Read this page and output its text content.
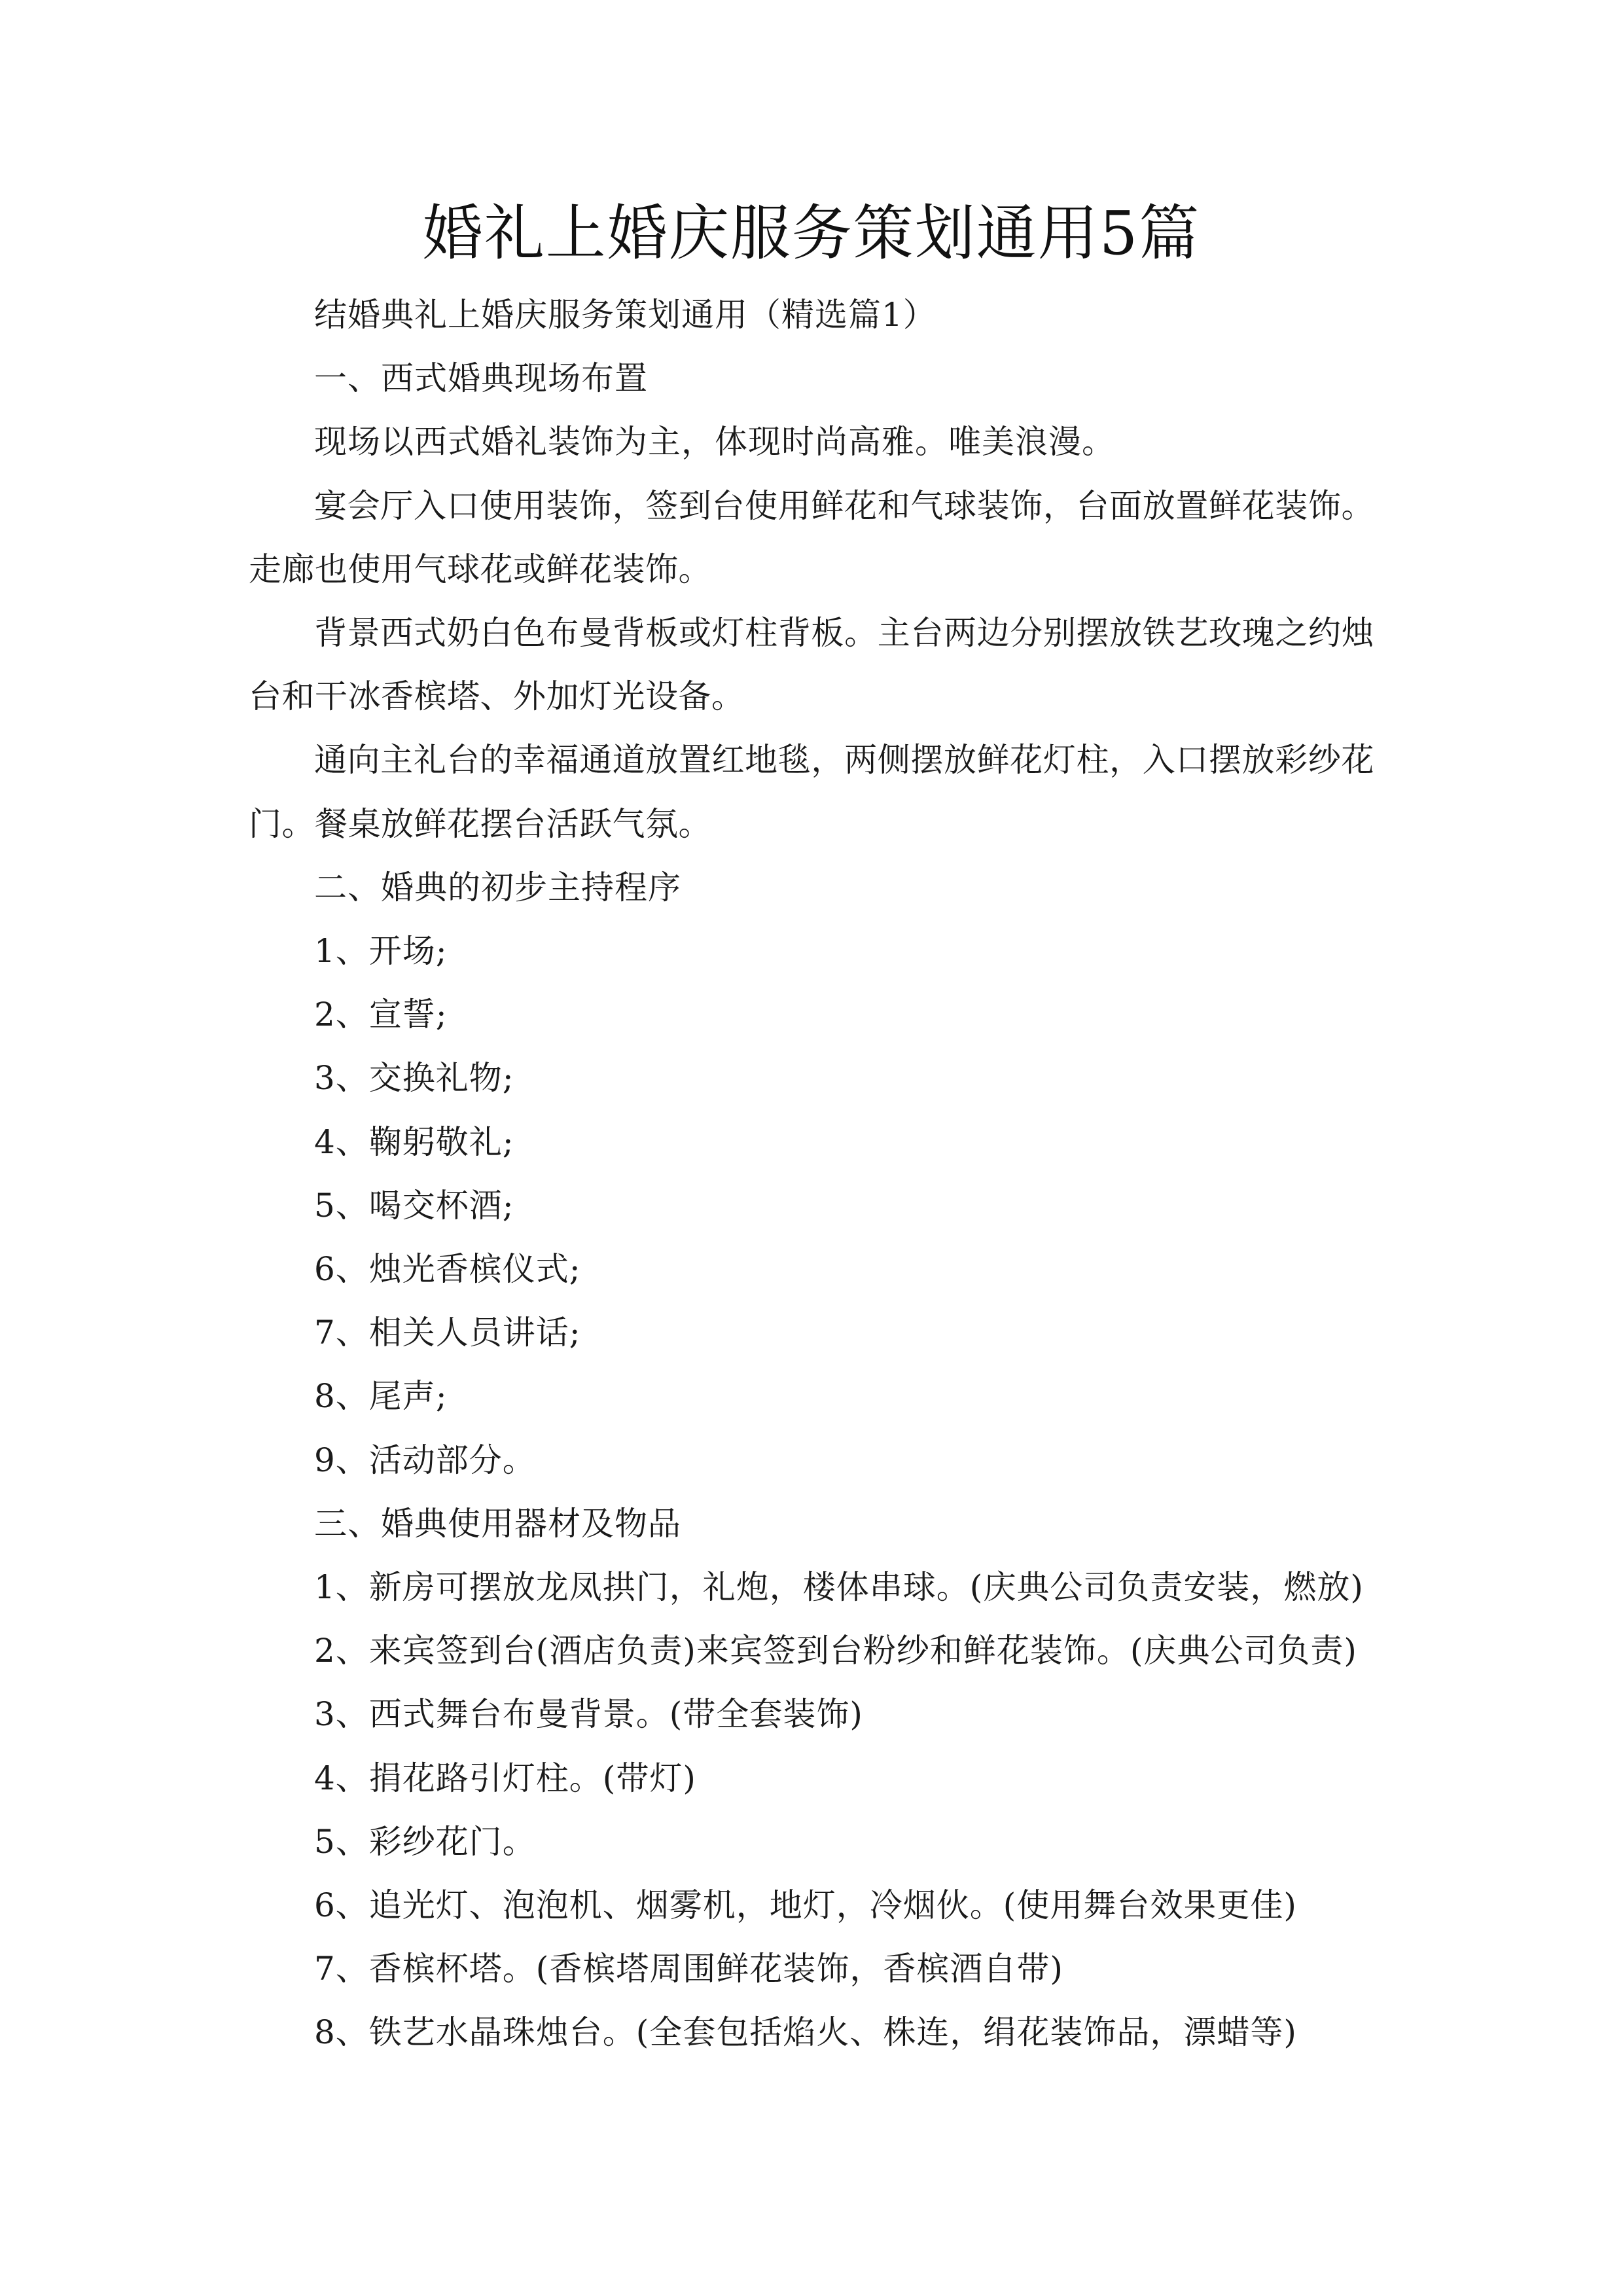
婚礼上婚庆服务策划通用5篇

结婚典礼上婚庆服务策划通用（精选篇1）

一、西式婚典现场布置

现场以西式婚礼装饰为主，体现时尚高雅。唯美浪漫。

宴会厅入口使用装饰，签到台使用鲜花和气球装饰，台面放置鲜花装饰。走廊也使用气球花或鲜花装饰。

背景西式奶白色布曼背板或灯柱背板。主台两边分别摆放铁艺玫瑰之约烛台和干冰香槟塔、外加灯光设备。

通向主礼台的幸福通道放置红地毯，两侧摆放鲜花灯柱，入口摆放彩纱花门。餐桌放鲜花摆台活跃气氛。

二、婚典的初步主持程序

1、开场;

2、宣誓;

3、交换礼物;

4、鞠躬敬礼;

5、喝交杯酒;

6、烛光香槟仪式;

7、相关人员讲话;

8、尾声;

9、活动部分。

三、婚典使用器材及物品

1、新房可摆放龙凤拱门，礼炮，楼体串球。(庆典公司负责安装，燃放)

2、来宾签到台(酒店负责)来宾签到台粉纱和鲜花装饰。(庆典公司负责)

3、西式舞台布曼背景。(带全套装饰)

4、捐花路引灯柱。(带灯)

5、彩纱花门。

6、追光灯、泡泡机、烟雾机，地灯，冷烟伙。(使用舞台效果更佳)

7、香槟杯塔。(香槟塔周围鲜花装饰，香槟酒自带)

8、铁艺水晶珠烛台。(全套包括焰火、株连，绢花装饰品，漂蜡等)
